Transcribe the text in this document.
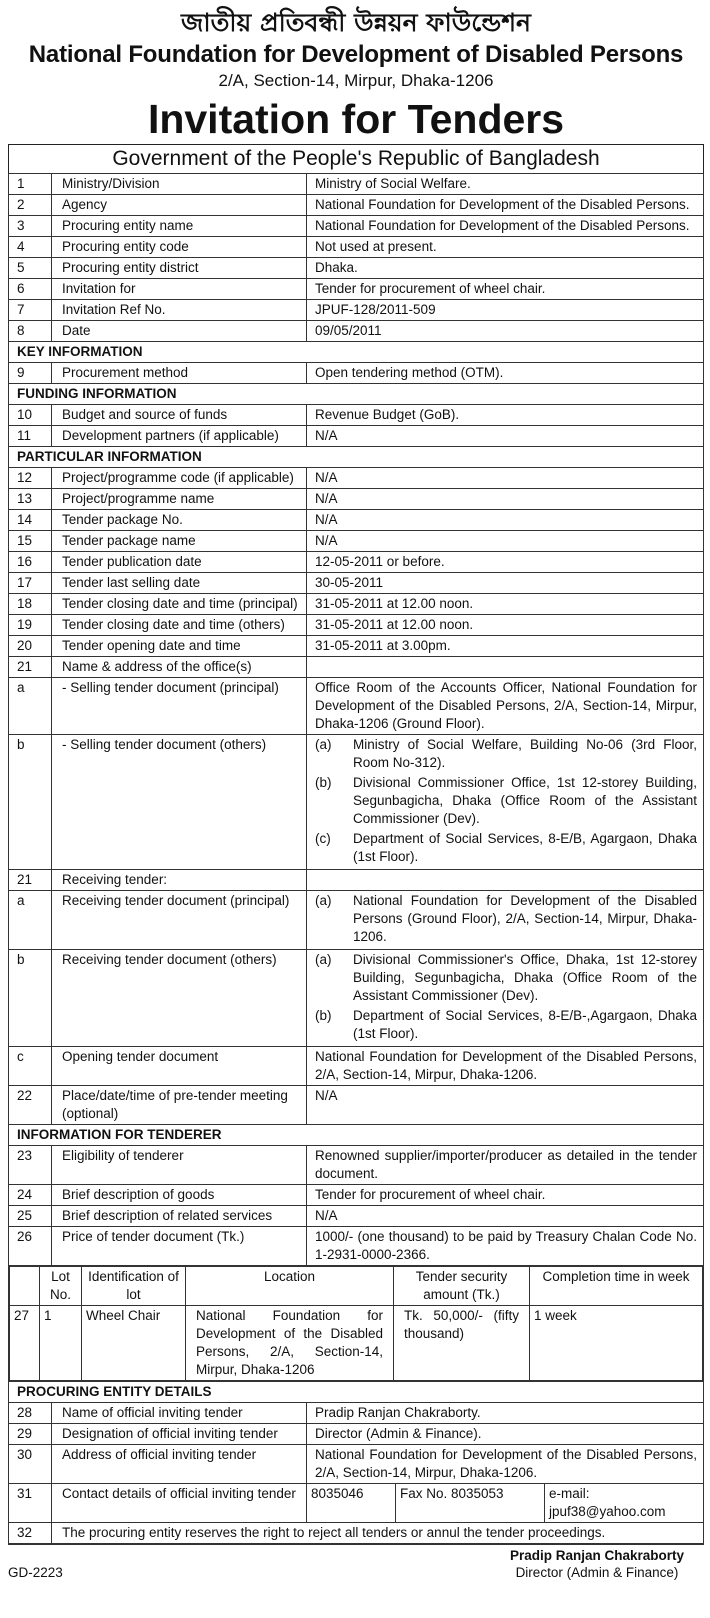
জাতীয় প্রতিবন্ধী উন্নয়ন ফাউন্ডেশন
National Foundation for Development of Disabled Persons
2/A, Section-14, Mirpur, Dhaka-1206
Invitation for Tenders
Government of the People's Republic of Bangladesh
1	Ministry/Division	Ministry of Social Welfare.
2	Agency	National Foundation for Development of the Disabled Persons.
3	Procuring entity name	National Foundation for Development of the Disabled Persons.
4	Procuring entity code	Not used at present.
5	Procuring entity district	Dhaka.
6	Invitation for	Tender for procurement of wheel chair.
7	Invitation Ref No.	JPUF-128/2011-509
8	Date	09/05/2011
KEY INFORMATION
9	Procurement method	Open tendering method (OTM).
FUNDING INFORMATION
10	Budget and source of funds	Revenue Budget (GoB).
11	Development partners (if applicable)	N/A
PARTICULAR INFORMATION
12	Project/programme code (if applicable)	N/A
13	Project/programme name	N/A
14	Tender package No.	N/A
15	Tender package name	N/A
16	Tender publication date	12-05-2011 or before.
17	Tender last selling date	30-05-2011
18	Tender closing date and time (principal)	31-05-2011 at 12.00 noon.
19	Tender closing date and time (others)	31-05-2011 at 12.00 noon.
20	Tender opening date and time	31-05-2011 at 3.00pm.
21	Name & address of the office(s)	
a	- Selling tender document (principal)	Office Room of the Accounts Officer, National Foundation for Development of the Disabled Persons, 2/A, Section-14, Mirpur, Dhaka-1206 (Ground Floor).
b	- Selling tender document (others)	(a)	Ministry of Social Welfare, Building No-06 (3rd Floor, Room No-312).
(b)	Divisional Commissioner Office, 1st 12-storey Building, Segunbagicha, Dhaka (Office Room of the Assistant Commissioner (Dev).
(c)	Department of Social Services, 8-E/B, Agargaon, Dhaka (1st Floor).

21	Receiving tender:	
a	Receiving tender document (principal)	(a)	National Foundation for Development of the Disabled Persons (Ground Floor), 2/A, Section-14, Mirpur, Dhaka-1206.

b	Receiving tender document (others)	(a)	Divisional Commissioner's Office, Dhaka, 1st 12-storey Building, Segunbagicha, Dhaka (Office Room of the Assistant Commissioner (Dev).
(b)	Department of Social Services, 8-E/B-,Agargaon, Dhaka (1st Floor).

c	Opening tender document	National Foundation for Development of the Disabled Persons, 2/A, Section-14, Mirpur, Dhaka-1206.
22	Place/date/time of pre-tender meeting (optional)	N/A
INFORMATION FOR TENDERER
23	Eligibility of tenderer	Renowned supplier/importer/producer as detailed in the tender document.
24	Brief description of goods	Tender for procurement of wheel chair.
25	Brief description of related services	N/A
26	Price of tender document (Tk.)	1000/- (one thousand) to be paid by Treasury Chalan Code No. 1-2931-0000-2366.

	Lot No.	Identification of lot	Location	Tender security amount (Tk.)	Completion time in week
27	1	Wheel Chair	National Foundation for Development of the Disabled Persons, 2/A, Section-14, Mirpur, Dhaka-1206	Tk. 50,000/- (fifty thousand)	1 week

PROCURING ENTITY DETAILS
28	Name of official inviting tender	Pradip Ranjan Chakraborty.
29	Designation of official inviting tender	Director (Admin & Finance).
30	Address of official inviting tender	National Foundation for Development of the Disabled Persons, 2/A, Section-14, Mirpur, Dhaka-1206.
31	Contact details of official inviting tender	8035046	Fax No. 8035053	e-mail: jpuf38@yahoo.com

32	The procuring entity reserves the right to reject all tenders or annul the tender proceedings.
GD-2223
Pradip Ranjan Chakraborty
Director (Admin & Finance)
